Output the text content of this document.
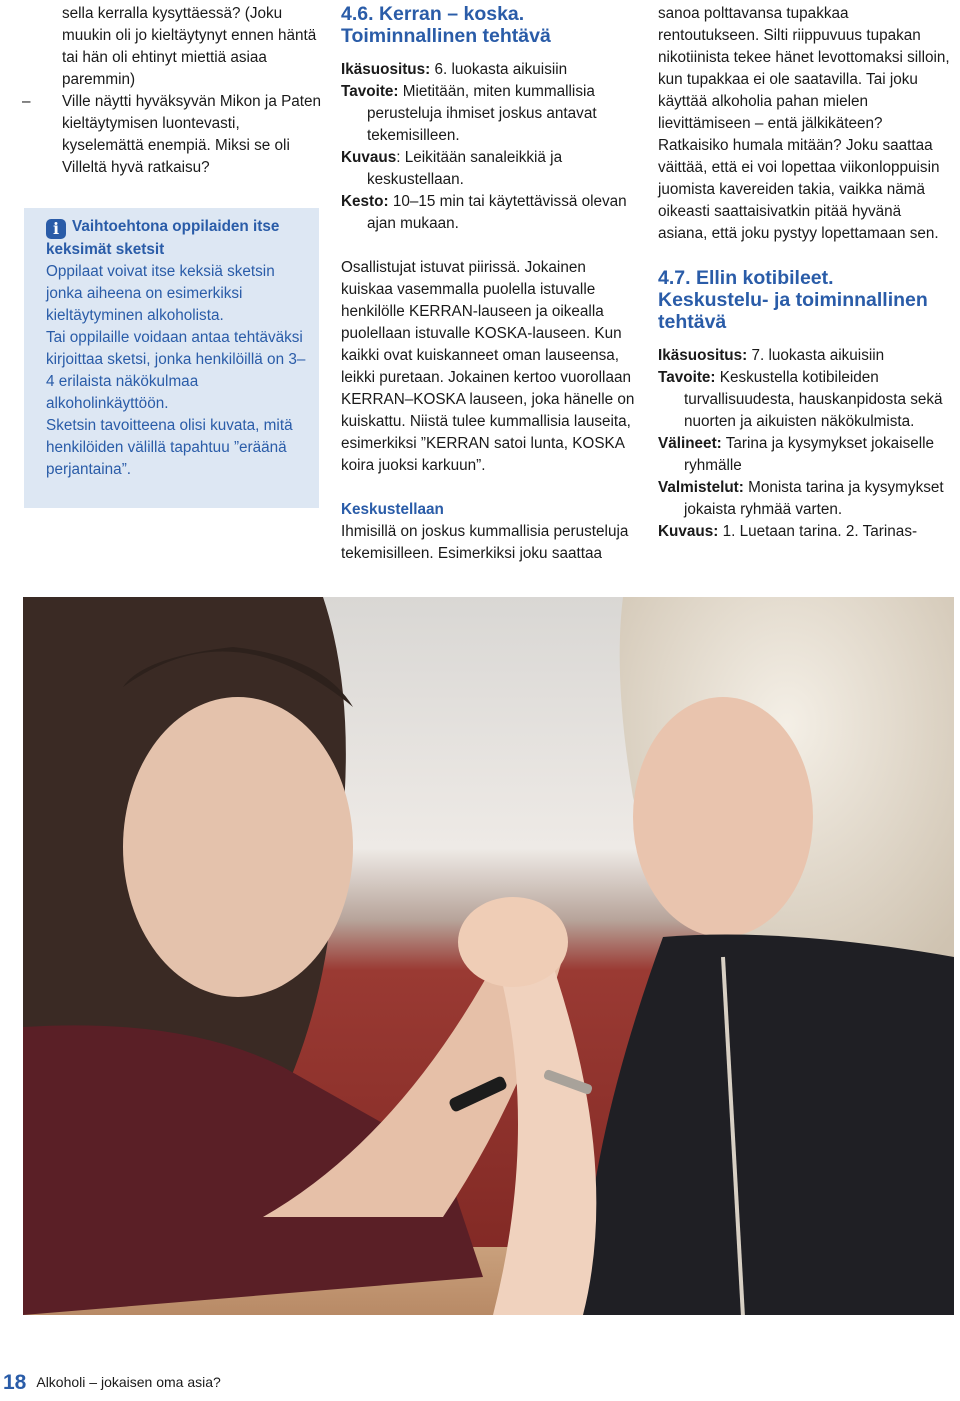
sella kerralla kysyttäessä? (Joku muukin oli jo kieltäytynyt ennen häntä tai hän oli ehtinyt miettiä asiaa paremmin)

– Ville näytti hyväksyvän Mikon ja Paten kieltäytymisen luontevasti, kyselemättä enempiä. Miksi se oli Villeltä hyvä ratkaisu?

i Vaihtoehtona oppilaiden itse keksimät sketsit

Oppilaat voivat itse keksiä sketsin jonka aiheena on esimerkiksi kieltäytyminen alkoholista.

Tai oppilaille voidaan antaa tehtäväksi kirjoittaa sketsi, jonka henkilöillä on 3–4 erilaista näkökulmaa alkoholinkäyttöön.

Sketsin tavoitteena olisi kuvata, mitä henkilöiden välillä tapahtuu ”eräänä perjantaina”.

4.6. Kerran – koska.
Toiminnallinen tehtävä

Ikäsuositus: 6. luokasta aikuisiin

Tavoite: Mietitään, miten kummallisia perusteluja ihmiset joskus antavat tekemisilleen.

Kuvaus: Leikitään sanaleikkiä ja keskustellaan.

Kesto: 10–15 min tai käytettävissä olevan ajan mukaan.

Osallistujat istuvat piirissä. Jokainen kuiskaa vasemmalla puolella istuvalle henkilölle KERRAN-lauseen ja oikealla puolellaan istuvalle KOSKA-lauseen. Kun kaikki ovat kuiskanneet oman lauseensa, leikki puretaan. Jokainen kertoo vuorollaan KERRAN–KOSKA lauseen, joka hänelle on kuiskattu. Niistä tulee kummallisia lauseita, esimerkiksi ”KERRAN satoi lunta, KOSKA koira juoksi karkuun”.

Keskustellaan

Ihmisillä on joskus kummallisia perusteluja tekemisilleen. Esimerkiksi joku saattaa

sanoa polttavansa tupakkaa rentoutukseen. Silti riippuvuus tupakan nikotiinista tekee hänet levottomaksi silloin, kun tupakkaa ei ole saatavilla. Tai joku käyttää alkoholia pahan mielen lievittämiseen – entä jälkikäteen? Ratkaisiko humala mitään? Joku saattaa väittää, että ei voi lopettaa viikonloppuisin juomista kavereiden takia, vaikka nämä oikeasti saattaisivatkin pitää hyvänä asiana, että joku pystyy lopettamaan sen.

4.7. Ellin kotibileet.
Keskustelu- ja toiminnallinen tehtävä

Ikäsuositus: 7. luokasta aikuisiin

Tavoite: Keskustella kotibileiden turvallisuudesta, hauskanpidosta sekä nuorten ja aikuisten näkökulmista.

Välineet: Tarina ja kysymykset jokaiselle ryhmälle

Valmistelut: Monista tarina ja kysymykset jokaista ryhmää varten.

Kuvaus: 1. Luetaan tarina. 2. Tarinas-

18 Alkoholi – jokaisen oma asia?
